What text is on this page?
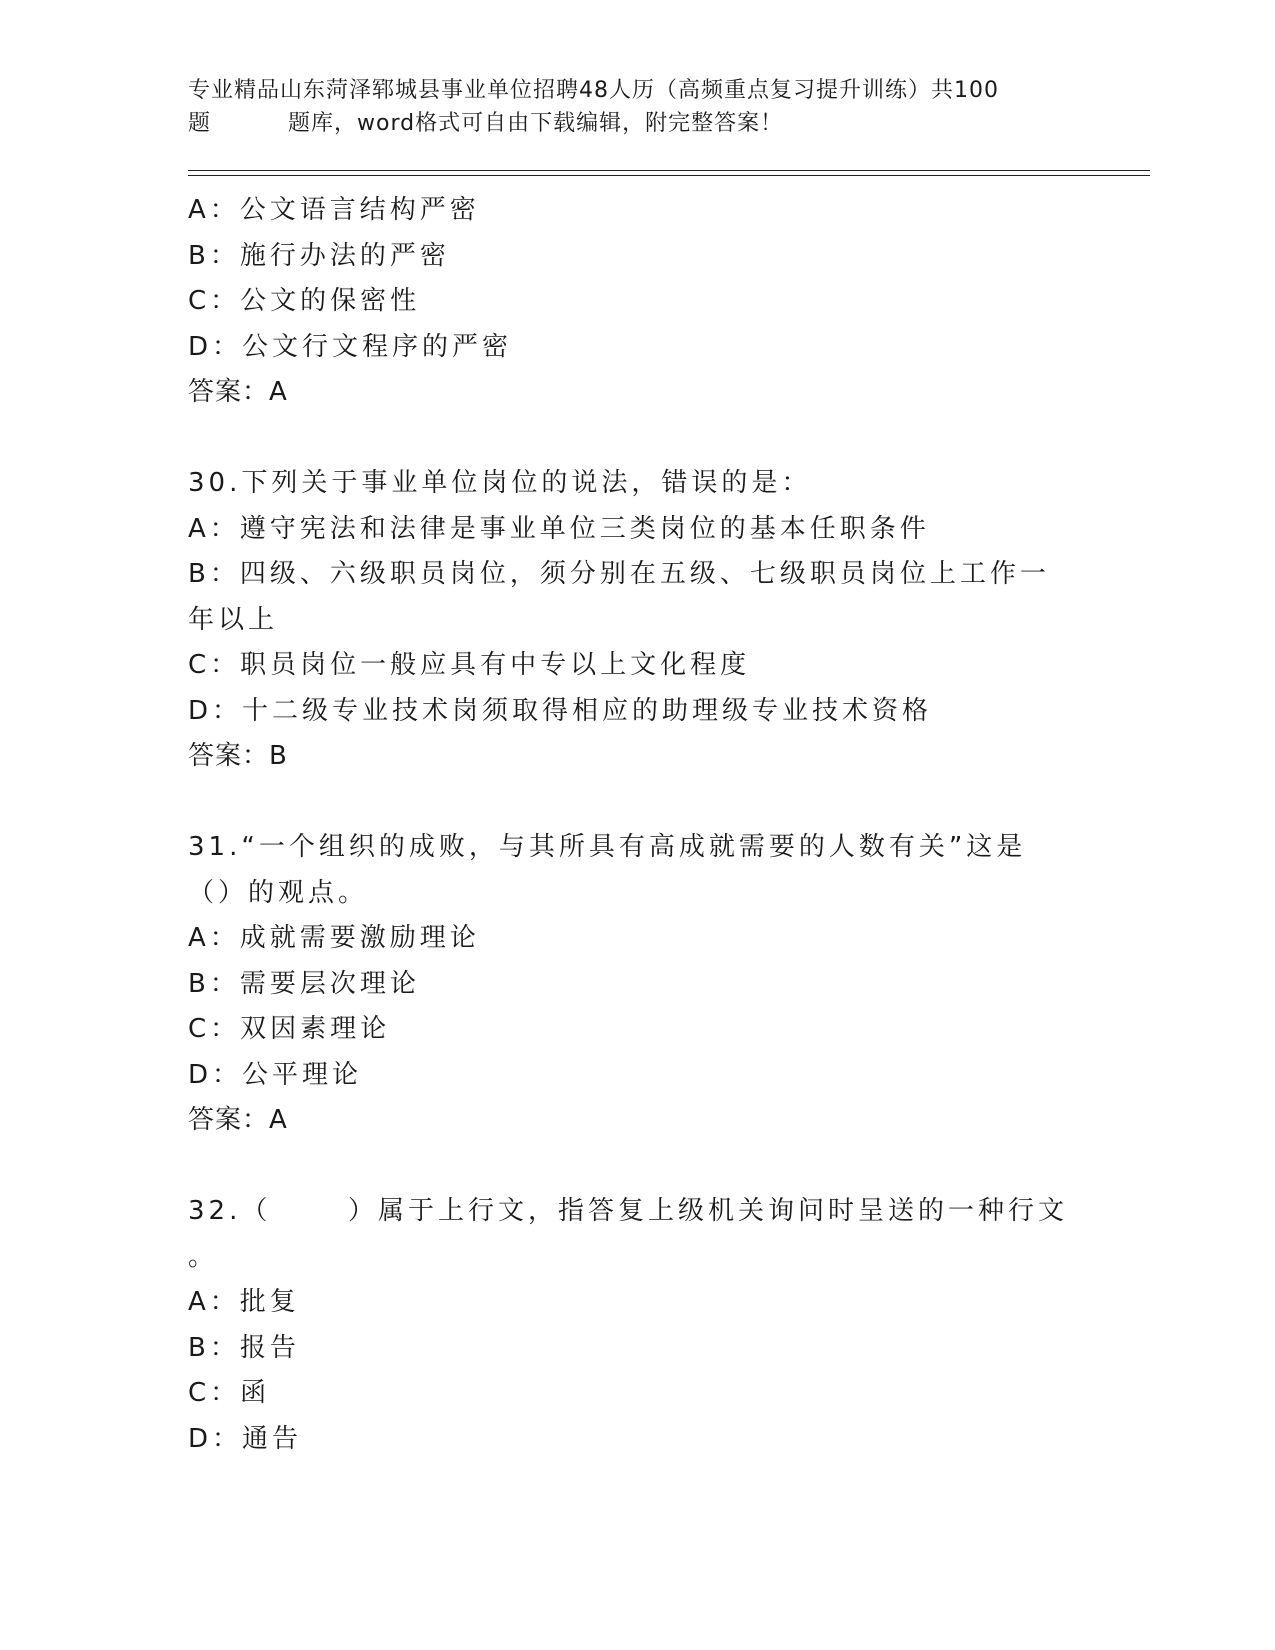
专业精品山东菏泽郓城县事业单位招聘48人历（高频重点复习提升训练）共100
题	题库，word格式可自由下载编辑，附完整答案！
A：公文语言结构严密
B：施行办法的严密
C：公文的保密性
D：公文行文程序的严密
答案：A
30.下列关于事业单位岗位的说法，错误的是：
A：遵守宪法和法律是事业单位三类岗位的基本任职条件
B：四级、六级职员岗位，须分别在五级、七级职员岗位上工作一年以上
C：职员岗位一般应具有中专以上文化程度
D：十二级专业技术岗须取得相应的助理级专业技术资格
答案：B
31.“一个组织的成败，与其所具有高成就需要的人数有关”这是（）的观点。
A：成就需要激励理论
B：需要层次理论
C：双因素理论
D：公平理论
答案：A
32.（	）属于上行文，指答复上级机关询问时呈送的一种行文
。
A：批复
B：报告
C：函
D：通告
